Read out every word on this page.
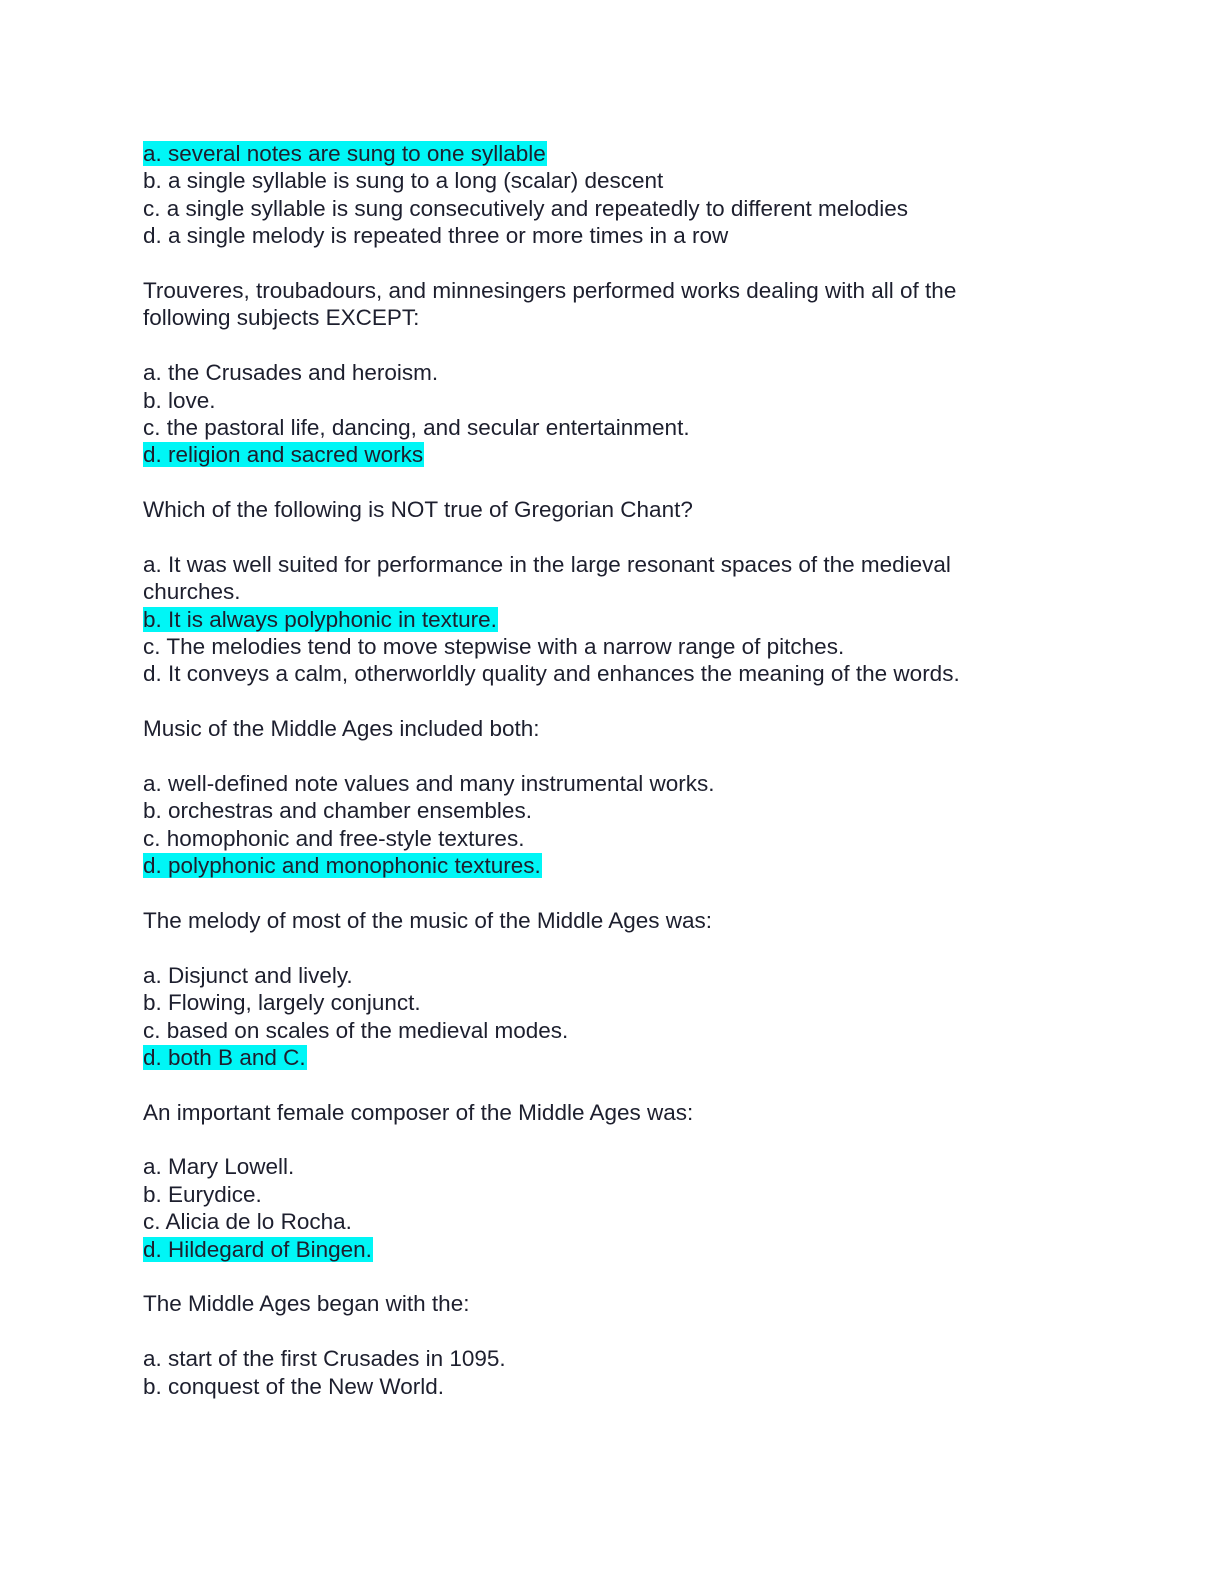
a. several notes are sung to one syllable
b. a single syllable is sung to a long (scalar) descent
c. a single syllable is sung consecutively and repeatedly to different melodies
d. a single melody is repeated three or more times in a row
Trouveres, troubadours, and minnesingers performed works dealing with all of the
following subjects EXCEPT:
a. the Crusades and heroism.
b. love.
c. the pastoral life, dancing, and secular entertainment.
d. religion and sacred works
Which of the following is NOT true of Gregorian Chant?
a. It was well suited for performance in the large resonant spaces of the medieval
churches.
b. It is always polyphonic in texture.
c. The melodies tend to move stepwise with a narrow range of pitches.
d. It conveys a calm, otherworldly quality and enhances the meaning of the words.
Music of the Middle Ages included both:
a. well-defined note values and many instrumental works.
b. orchestras and chamber ensembles.
c. homophonic and free-style textures.
d. polyphonic and monophonic textures.
The melody of most of the music of the Middle Ages was:
a. Disjunct and lively.
b. Flowing, largely conjunct.
c. based on scales of the medieval modes.
d. both B and C.
An important female composer of the Middle Ages was:
a. Mary Lowell.
b. Eurydice.
c. Alicia de lo Rocha.
d. Hildegard of Bingen.
The Middle Ages began with the:
a. start of the first Crusades in 1095.
b. conquest of the New World.
